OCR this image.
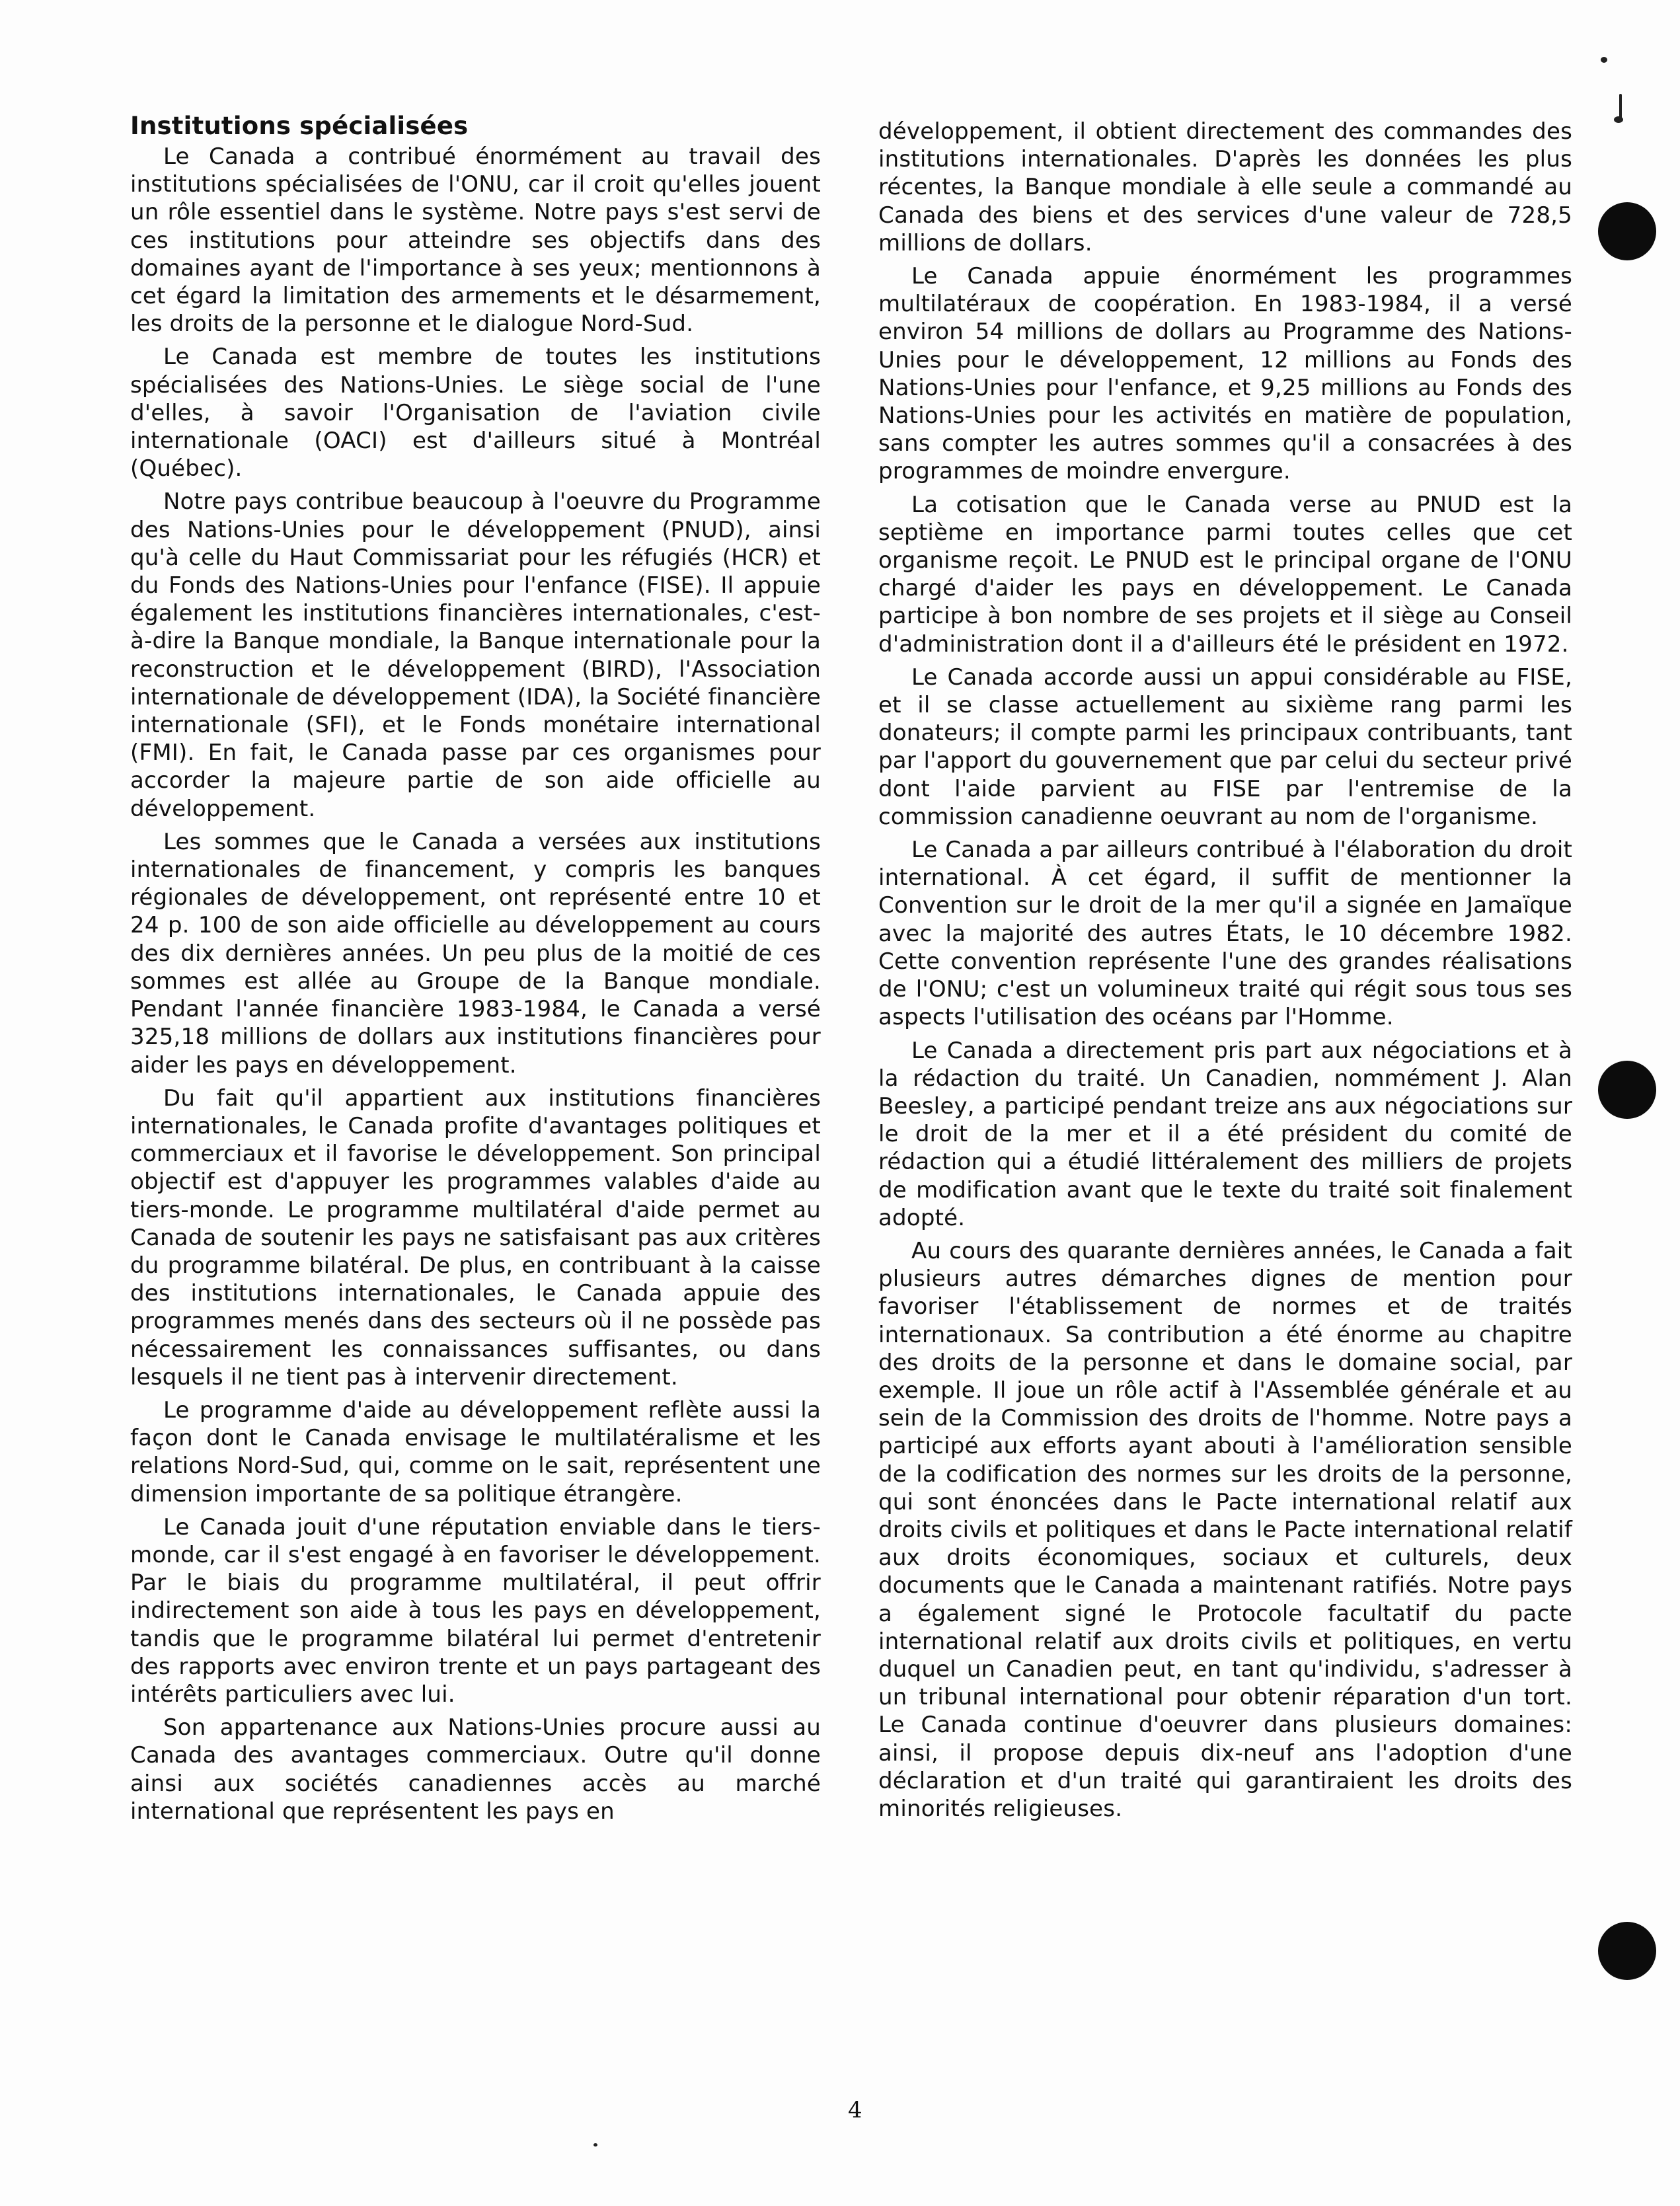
Institutions spécialisées

Le Canada a contribué énormément au travail des institutions spécialisées de l'ONU, car il croit qu'elles jouent un rôle essentiel dans le système. Notre pays s'est servi de ces institutions pour atteindre ses objectifs dans des domaines ayant de l'importance à ses yeux; mentionnons à cet égard la limitation des armements et le désarmement, les droits de la personne et le dialogue Nord-Sud.

Le Canada est membre de toutes les institutions spécialisées des Nations-Unies. Le siège social de l'une d'elles, à savoir l'Organisation de l'aviation civile internationale (OACI) est d'ailleurs situé à Montréal (Québec).

Notre pays contribue beaucoup à l'oeuvre du Programme des Nations-Unies pour le développement (PNUD), ainsi qu'à celle du Haut Commissariat pour les réfugiés (HCR) et du Fonds des Nations-Unies pour l'enfance (FISE). Il appuie également les institutions financières internationales, c'est-à-dire la Banque mondiale, la Banque internationale pour la reconstruction et le développement (BIRD), l'Association internationale de développement (IDA), la Société financière internationale (SFI), et le Fonds monétaire international (FMI). En fait, le Canada passe par ces organismes pour accorder la majeure partie de son aide officielle au développement.

Les sommes que le Canada a versées aux institutions internationales de financement, y compris les banques régionales de développement, ont représenté entre 10 et 24 p. 100 de son aide officielle au développement au cours des dix dernières années. Un peu plus de la moitié de ces sommes est allée au Groupe de la Banque mondiale. Pendant l'année financière 1983-1984, le Canada a versé 325,18 millions de dollars aux institutions financières pour aider les pays en développement.

Du fait qu'il appartient aux institutions financières internationales, le Canada profite d'avantages politiques et commerciaux et il favorise le développement. Son principal objectif est d'appuyer les programmes valables d'aide au tiers-monde. Le programme multilatéral d'aide permet au Canada de soutenir les pays ne satisfaisant pas aux critères du programme bilatéral. De plus, en contribuant à la caisse des institutions internationales, le Canada appuie des programmes menés dans des secteurs où il ne possède pas nécessairement les connaissances suffisantes, ou dans lesquels il ne tient pas à intervenir directement.

Le programme d'aide au développement reflète aussi la façon dont le Canada envisage le multilatéralisme et les relations Nord-Sud, qui, comme on le sait, représentent une dimension importante de sa politique étrangère.

Le Canada jouit d'une réputation enviable dans le tiers-monde, car il s'est engagé à en favoriser le développement. Par le biais du programme multilatéral, il peut offrir indirectement son aide à tous les pays en développement, tandis que le programme bilatéral lui permet d'entretenir des rapports avec environ trente et un pays partageant des intérêts particuliers avec lui.

Son appartenance aux Nations-Unies procure aussi au Canada des avantages commerciaux. Outre qu'il donne ainsi aux sociétés canadiennes accès au marché international que représentent les pays en

développement, il obtient directement des commandes des institutions internationales. D'après les données les plus récentes, la Banque mondiale à elle seule a commandé au Canada des biens et des services d'une valeur de 728,5 millions de dollars.

Le Canada appuie énormément les programmes multilatéraux de coopération. En 1983-1984, il a versé environ 54 millions de dollars au Programme des Nations-Unies pour le développement, 12 millions au Fonds des Nations-Unies pour l'enfance, et 9,25 millions au Fonds des Nations-Unies pour les activités en matière de population, sans compter les autres sommes qu'il a consacrées à des programmes de moindre envergure.

La cotisation que le Canada verse au PNUD est la septième en importance parmi toutes celles que cet organisme reçoit. Le PNUD est le principal organe de l'ONU chargé d'aider les pays en développement. Le Canada participe à bon nombre de ses projets et il siège au Conseil d'administration dont il a d'ailleurs été le président en 1972.

Le Canada accorde aussi un appui considérable au FISE, et il se classe actuellement au sixième rang parmi les donateurs; il compte parmi les principaux contribuants, tant par l'apport du gouvernement que par celui du secteur privé dont l'aide parvient au FISE par l'entremise de la commission canadienne oeuvrant au nom de l'organisme.

Le Canada a par ailleurs contribué à l'élaboration du droit international. À cet égard, il suffit de mentionner la Convention sur le droit de la mer qu'il a signée en Jamaïque avec la majorité des autres États, le 10 décembre 1982. Cette convention représente l'une des grandes réalisations de l'ONU; c'est un volumineux traité qui régit sous tous ses aspects l'utilisation des océans par l'Homme.

Le Canada a directement pris part aux négociations et à la rédaction du traité. Un Canadien, nommément J. Alan Beesley, a participé pendant treize ans aux négociations sur le droit de la mer et il a été président du comité de rédaction qui a étudié littéralement des milliers de projets de modification avant que le texte du traité soit finalement adopté.

Au cours des quarante dernières années, le Canada a fait plusieurs autres démarches dignes de mention pour favoriser l'établissement de normes et de traités internationaux. Sa contribution a été énorme au chapitre des droits de la personne et dans le domaine social, par exemple. Il joue un rôle actif à l'Assemblée générale et au sein de la Commission des droits de l'homme. Notre pays a participé aux efforts ayant abouti à l'amélioration sensible de la codification des normes sur les droits de la personne, qui sont énoncées dans le Pacte international relatif aux droits civils et politiques et dans le Pacte international relatif aux droits économiques, sociaux et culturels, deux documents que le Canada a maintenant ratifiés. Notre pays a également signé le Protocole facultatif du pacte international relatif aux droits civils et politiques, en vertu duquel un Canadien peut, en tant qu'individu, s'adresser à un tribunal international pour obtenir réparation d'un tort. Le Canada continue d'oeuvrer dans plusieurs domaines: ainsi, il propose depuis dix-neuf ans l'adoption d'une déclaration et d'un traité qui garantiraient les droits des minorités religieuses.

4
